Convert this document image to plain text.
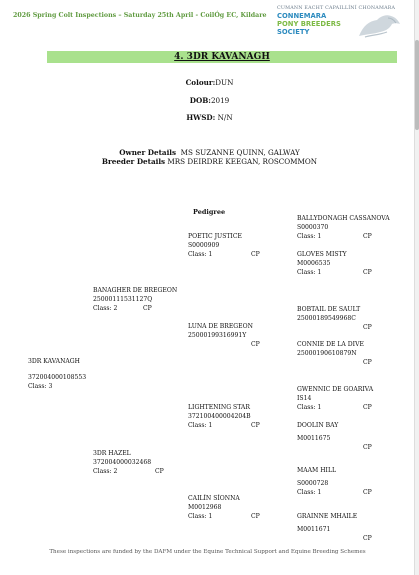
2026 Spring Colt Inspections – Saturday 25th April - CoilÓg EC, Kildare
CUMANN EACHT CAPAILLÍNÍ CHONAMARA
CONNEMARA
PONY BREEDERS
SOCIETY
4. 3DR KAVANAGH
Colour:DUN
DOB:2019
HWSD: N/N
Owner Details MS SUZANNE QUINN, GALWAY
Breeder Details MRS DEIRDRE KEEGAN, ROSCOMMON
Pedigree
3DR KAVANAGH
372004000108553
Class: 3
BANAGHER DE BREGEON
25000111531127Q
Class: 2	CP
3DR HAZEL
372004000032468
Class: 2	CP
POETIC JUSTICE
S0000909
Class: 1	CP
LUNA DE BREGEON
25000199316991Y
CP
LIGHTENING STAR
372100400004204B
Class: 1	CP
CAILÍN SÍONNA
M0012968
Class: 1	CP
BALLYDONAGH CASSANOVA
S0000370
Class: 1	CP
GLOVES MISTY
M0006535
Class: 1	CP
BOBTAIL DE SAULT
25000189549968C
CP
CONNIE DE LA DIVE
25000190610879N
CP
GWENNIC DE GOARIVA
IS14
Class: 1	CP
DOOLIN BAY
M0011675
CP
MAAM HILL
S0000728
Class: 1	CP
GRAINNE MHAILE
M0011671
CP
These inspections are funded by the DAFM under the Equine Technical Support and Equine Breeding Schemes
